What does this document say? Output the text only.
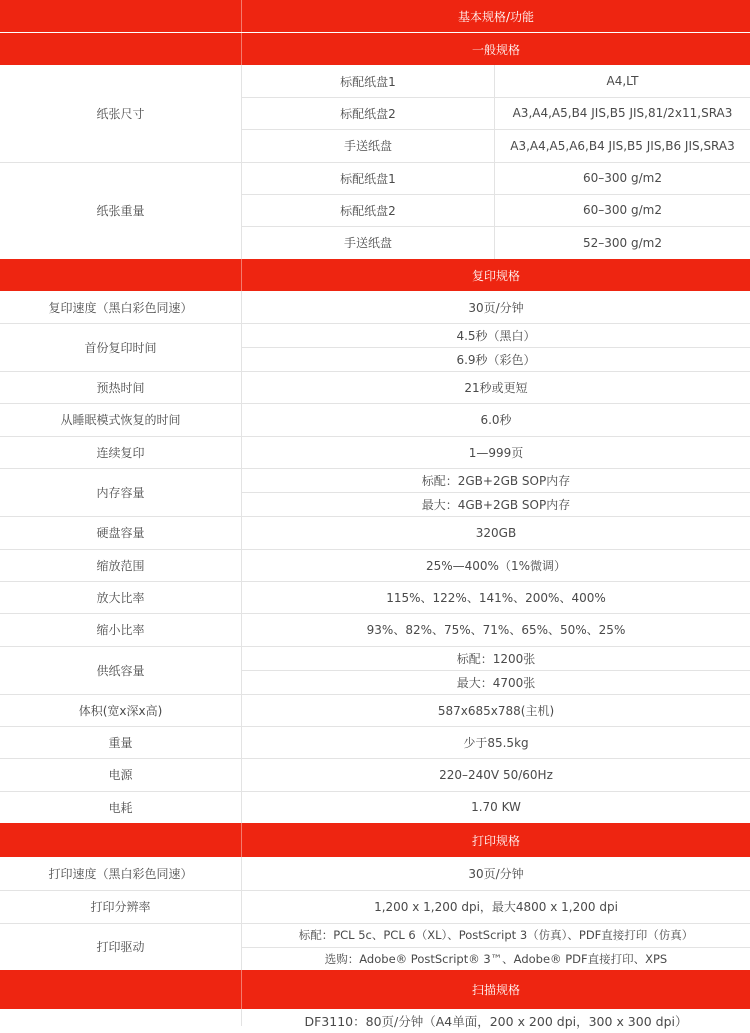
基本规格/功能
一般规格
纸张尺寸
标配纸盘1	A4,LT
标配纸盘2	A3,A4,A5,B4 JIS,B5 JIS,81/2x11,SRA3
手送纸盘	A3,A4,A5,A6,B4 JIS,B5 JIS,B6 JIS,SRA3
纸张重量
标配纸盘1	60–300 g/m2
标配纸盘2	60–300 g/m2
手送纸盘	52–300 g/m2
复印规格
复印速度（黑白彩色同速）	30页/分钟
首份复印时间
4.5秒（黑白）
6.9秒（彩色）
预热时间	21秒或更短
从睡眠模式恢复的时间	6.0秒
连续复印	1—999页
内存容量
标配：2GB+2GB SOP内存
最大：4GB+2GB SOP内存
硬盘容量	320GB
缩放范围	25%—400%（1%微调）
放大比率	115%、122%、141%、200%、400%
缩小比率	93%、82%、75%、71%、65%、50%、25%
供纸容量
标配：1200张
最大：4700张
体积(宽x深x高)	587x685x788(主机)
重量	少于85.5kg
电源	220–240V 50/60Hz
电耗	1.70 KW
打印规格
打印速度（黑白彩色同速）	30页/分钟
打印分辨率	1,200 x 1,200 dpi，最大4800 x 1,200 dpi
打印驱动
标配：PCL 5c、PCL 6（XL）、PostScript 3（仿真）、PDF直接打印（仿真）
选购：Adobe® PostScript® 3™、Adobe® PDF直接打印、XPS
扫描规格
DF3110：80页/分钟（A4单面，200 x 200 dpi，300 x 300 dpi）
